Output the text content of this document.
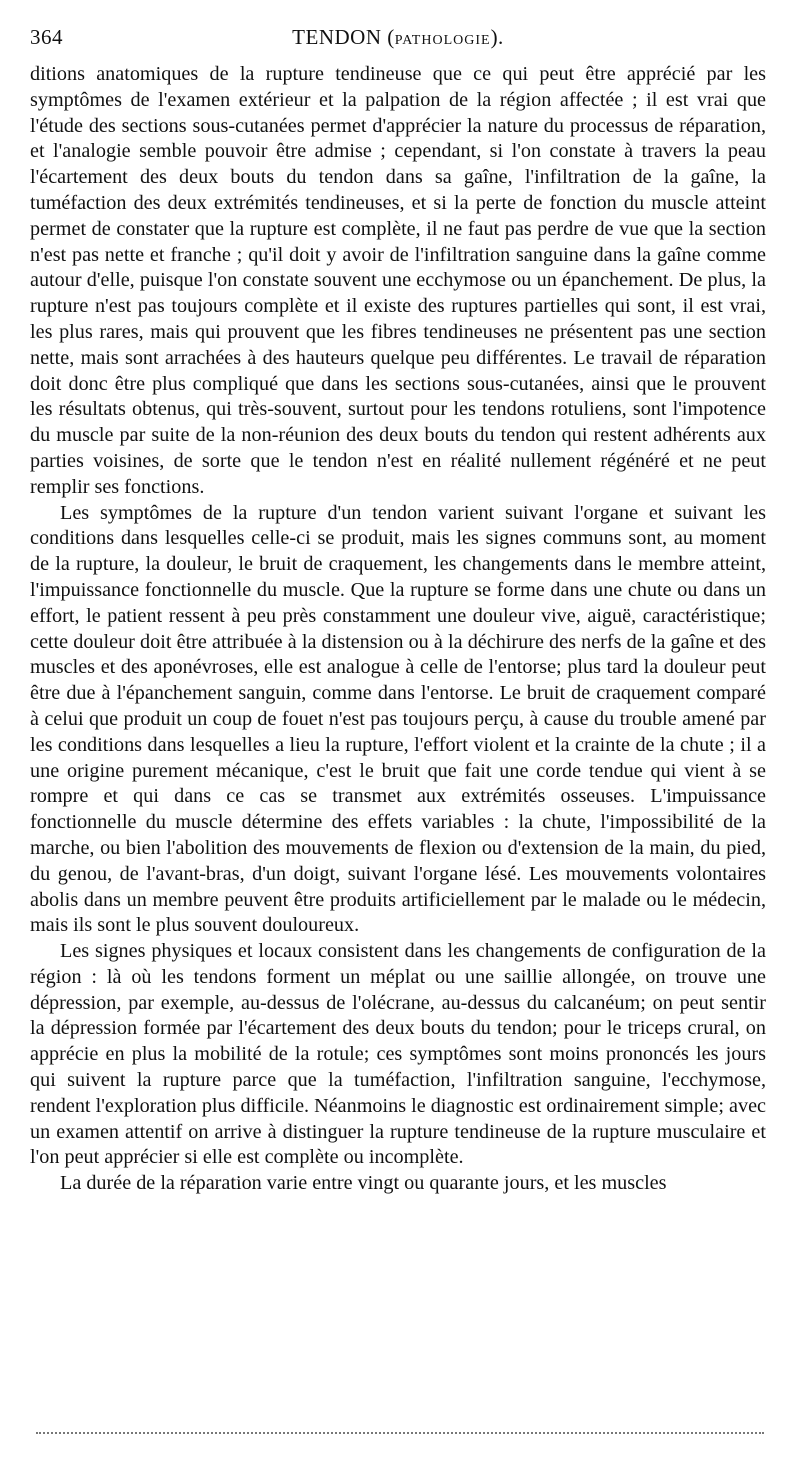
364	TENDON (PATHOLOGIE).

ditions anatomiques de la rupture tendineuse que ce qui peut être apprécié par les symptômes de l'examen extérieur et la palpation de la région affectée ; il est vrai que l'étude des sections sous-cutanées permet d'apprécier la nature du processus de réparation, et l'analogie semble pouvoir être admise ; cependant, si l'on constate à travers la peau l'écartement des deux bouts du tendon dans sa gaîne, l'infiltration de la gaîne, la tuméfaction des deux extrémités tendineuses, et si la perte de fonction du muscle atteint permet de constater que la rupture est complète, il ne faut pas perdre de vue que la section n'est pas nette et franche ; qu'il doit y avoir de l'infiltration sanguine dans la gaîne comme autour d'elle, puisque l'on constate souvent une ecchymose ou un épanchement. De plus, la rupture n'est pas toujours complète et il existe des ruptures partielles qui sont, il est vrai, les plus rares, mais qui prouvent que les fibres tendineuses ne présentent pas une section nette, mais sont arrachées à des hauteurs quelque peu différentes. Le travail de réparation doit donc être plus compliqué que dans les sections sous-cutanées, ainsi que le prouvent les résultats obtenus, qui très-souvent, surtout pour les tendons rotuliens, sont l'impotence du muscle par suite de la non-réunion des deux bouts du tendon qui restent adhérents aux parties voisines, de sorte que le tendon n'est en réalité nullement régénéré et ne peut remplir ses fonctions.

Les symptômes de la rupture d'un tendon varient suivant l'organe et suivant les conditions dans lesquelles celle-ci se produit, mais les signes communs sont, au moment de la rupture, la douleur, le bruit de craquement, les changements dans le membre atteint, l'impuissance fonctionnelle du muscle. Que la rupture se forme dans une chute ou dans un effort, le patient ressent à peu près constamment une douleur vive, aiguë, caractéristique; cette douleur doit être attribuée à la distension ou à la déchirure des nerfs de la gaîne et des muscles et des aponévroses, elle est analogue à celle de l'entorse; plus tard la douleur peut être due à l'épanchement sanguin, comme dans l'entorse. Le bruit de craquement comparé à celui que produit un coup de fouet n'est pas toujours perçu, à cause du trouble amené par les conditions dans lesquelles a lieu la rupture, l'effort violent et la crainte de la chute ; il a une origine purement mécanique, c'est le bruit que fait une corde tendue qui vient à se rompre et qui dans ce cas se transmet aux extrémités osseuses. L'impuissance fonctionnelle du muscle détermine des effets variables : la chute, l'impossibilité de la marche, ou bien l'abolition des mouvements de flexion ou d'extension de la main, du pied, du genou, de l'avant-bras, d'un doigt, suivant l'organe lésé. Les mouvements volontaires abolis dans un membre peuvent être produits artificiellement par le malade ou le médecin, mais ils sont le plus souvent douloureux.

Les signes physiques et locaux consistent dans les changements de configuration de la région : là où les tendons forment un méplat ou une saillie allongée, on trouve une dépression, par exemple, au-dessus de l'olécrane, au-dessus du calcanéum; on peut sentir la dépression formée par l'écartement des deux bouts du tendon; pour le triceps crural, on apprécie en plus la mobilité de la rotule; ces symptômes sont moins prononcés les jours qui suivent la rupture parce que la tuméfaction, l'infiltration sanguine, l'ecchymose, rendent l'exploration plus difficile. Néanmoins le diagnostic est ordinairement simple; avec un examen attentif on arrive à distinguer la rupture tendineuse de la rupture musculaire et l'on peut apprécier si elle est complète ou incomplète.

La durée de la réparation varie entre vingt ou quarante jours, et les muscles
